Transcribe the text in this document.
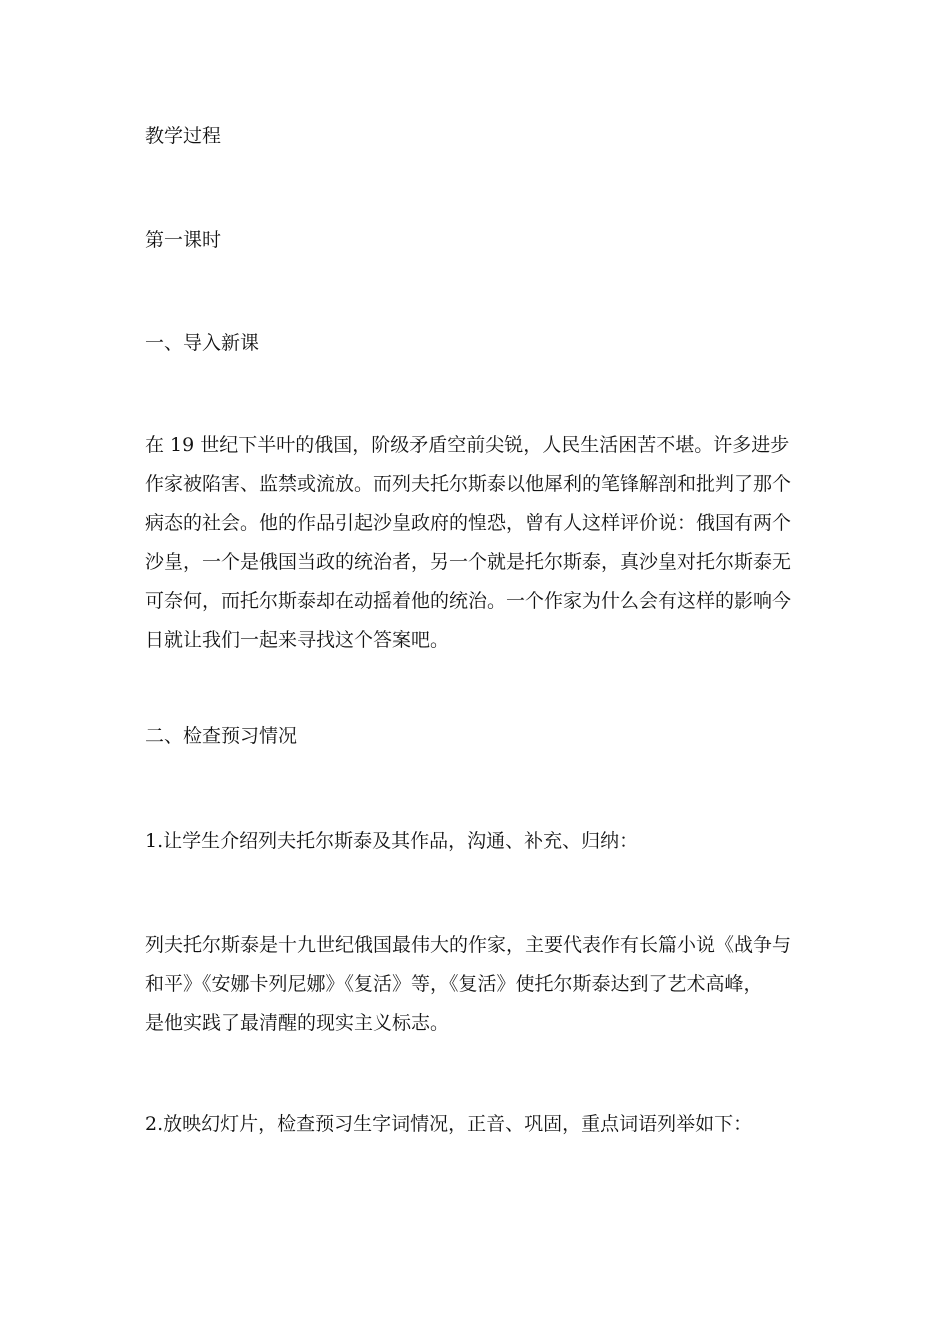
教学过程
第一课时
一、导入新课
在 19 世纪下半叶的俄国，阶级矛盾空前尖锐，人民生活困苦不堪。许多进步
作家被陷害、监禁或流放。而列夫托尔斯泰以他犀利的笔锋解剖和批判了那个
病态的社会。他的作品引起沙皇政府的惶恐，曾有人这样评价说：俄国有两个
沙皇，一个是俄国当政的统治者，另一个就是托尔斯泰，真沙皇对托尔斯泰无
可奈何，而托尔斯泰却在动摇着他的统治。一个作家为什么会有这样的影响今
日就让我们一起来寻找这个答案吧。
二、检查预习情况
1.让学生介绍列夫托尔斯泰及其作品，沟通、补充、归纳：
列夫托尔斯泰是十九世纪俄国最伟大的作家，主要代表作有长篇小说《战争与
和平》《安娜卡列尼娜》《复活》等，《复活》使托尔斯泰达到了艺术高峰，
是他实践了最清醒的现实主义标志。
2.放映幻灯片，检查预习生字词情况，正音、巩固，重点词语列举如下：
